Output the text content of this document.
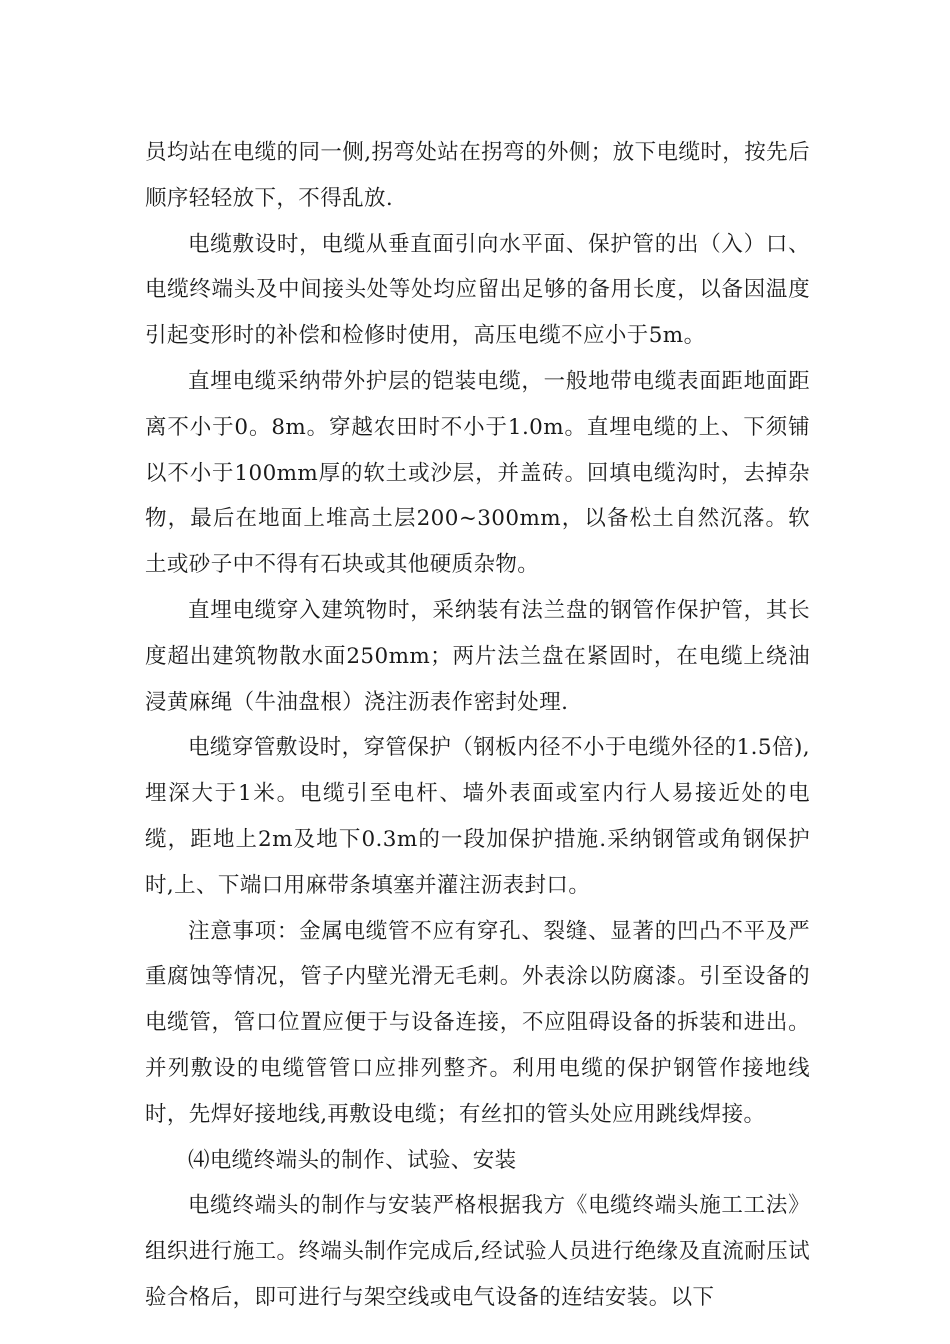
员均站在电缆的同一侧,拐弯处站在拐弯的外侧；放下电缆时，按先后顺序轻轻放下，不得乱放.

电缆敷设时，电缆从垂直面引向水平面、保护管的出（入）口、电缆终端头及中间接头处等处均应留出足够的备用长度，以备因温度引起变形时的补偿和检修时使用，高压电缆不应小于5m。

直埋电缆采纳带外护层的铠装电缆，一般地带电缆表面距地面距离不小于0。8m。穿越农田时不小于1.0m。直埋电缆的上、下须铺以不小于100mm厚的软土或沙层，并盖砖。回填电缆沟时，去掉杂物，最后在地面上堆高土层200~300mm，以备松土自然沉落。软土或砂子中不得有石块或其他硬质杂物。

直埋电缆穿入建筑物时，采纳装有法兰盘的钢管作保护管，其长度超出建筑物散水面250mm；两片法兰盘在紧固时，在电缆上绕油浸黄麻绳（牛油盘根）浇注沥表作密封处理.

电缆穿管敷设时，穿管保护（钢板内径不小于电缆外径的1.5倍),埋深大于1米。电缆引至电杆、墙外表面或室内行人易接近处的电缆，距地上2m及地下0.3m的一段加保护措施.采纳钢管或角钢保护时,上、下端口用麻带条填塞并灌注沥表封口。

注意事项：金属电缆管不应有穿孔、裂缝、显著的凹凸不平及严重腐蚀等情况，管子内壁光滑无毛刺。外表涂以防腐漆。引至设备的电缆管，管口位置应便于与设备连接，不应阻碍设备的拆装和进出。并列敷设的电缆管管口应排列整齐。利用电缆的保护钢管作接地线时，先焊好接地线,再敷设电缆；有丝扣的管头处应用跳线焊接。

⑷电缆终端头的制作、试验、安装

电缆终端头的制作与安装严格根据我方《电缆终端头施工工法》组织进行施工。终端头制作完成后,经试验人员进行绝缘及直流耐压试验合格后，即可进行与架空线或电气设备的连结安装。以下
